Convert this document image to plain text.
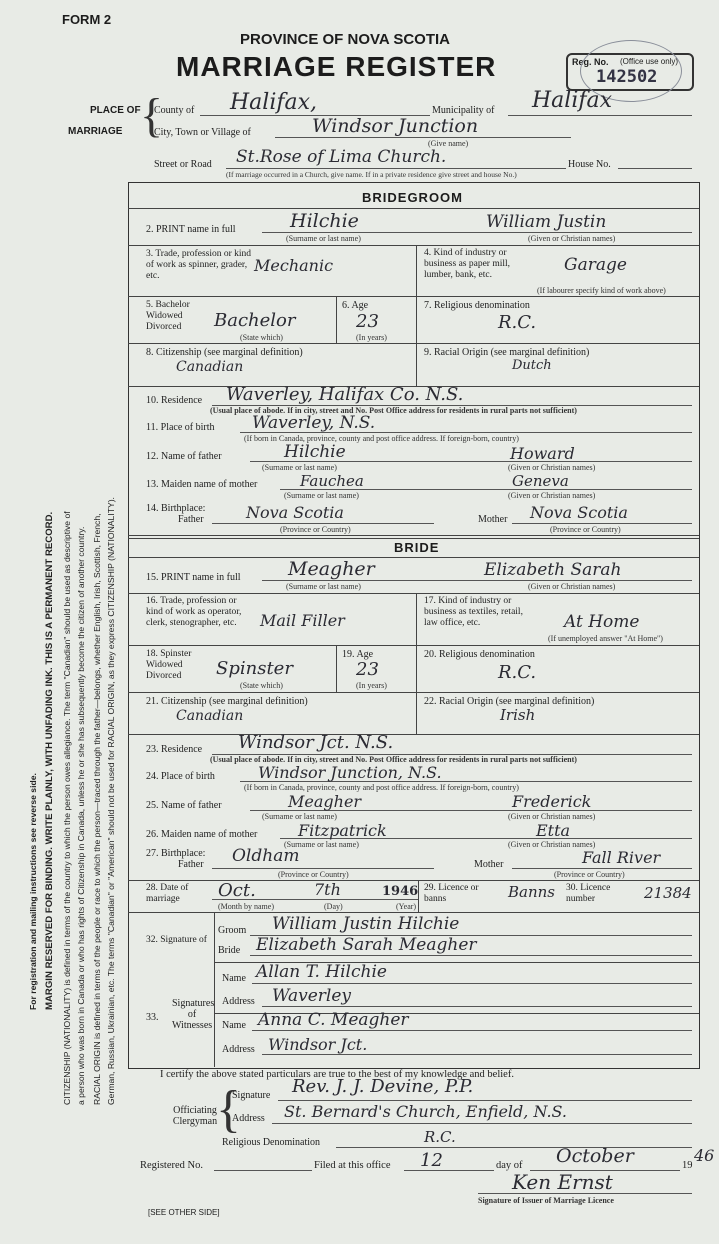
FORM 2
PROVINCE OF NOVA SCOTIA
MARRIAGE REGISTER	Reg. No. (Office use only)
142502
PLACE OF
MARRIAGE {
County of Halifax,	Municipality of Halifax
City, Town or Village of	Windsor Junction
(Give name)
Street or Road St.Rose of Lima Church.	House No.
(If marriage occurred in a Church, give name. If in a private residence give street and house No.)
For registration and mailing instructions see reverse side. MARGIN RESERVED FOR BINDING. WRITE PLAINLY, WITH UNFADING INK. THIS IS A PERMANENT RECORD. CITIZENSHIP (NATIONALITY) is defined in terms of the country to which the person owes allegiance. The term "Canadian" should be used as descriptive of a person who was born in Canada or who has rights of Citizenship in Canada, unless he or she has subsequently become the citizen of another country. RACIAL ORIGIN is defined in terms of the people or race to which the person—traced through the father—belongs, whether English, Irish, Scottish, French, German, Russian, Ukrainian, etc. The terms "Canadian" or "American" should not be used for RACIAL ORIGIN, as they express CITIZENSHIP (NATIONALITY).
BRIDEGROOM
2. PRINT name in full	Hilchie	William Justin
(Surname or last name)	(Given or Christian names)
3. Trade, profession or kind of work as spinner, grader, etc.
Mechanic
4. Kind of industry or business as paper mill, lumber, bank, etc.	Garage
(If labourer specify kind of work above)
5. Bachelor Widowed Divorced	Bachelor
(State which)
6. Age
23
(In years)
7. Religious denomination
R.C.
8. Citizenship (see marginal definition)
Canadian
9. Racial Origin (see marginal definition)
Dutch
10. Residence Waverley, Halifax Co. N.S.
(Usual place of abode. If in city, street and No. Post Office address for residents in rural parts not sufficient)
11. Place of birth Waverley, N.S.
(If born in Canada, province, county and post office address. If foreign-born, country)
12. Name of father	Hilchie	Howard
(Surname or last name)	(Given or Christian names)
13. Maiden name of mother	Fauchea	Geneva
(Surname or last name)	(Given or Christian names)
14. Birthplace:
Father	Nova Scotia	Mother Nova Scotia
(Province or Country)	(Province or Country)
BRIDE
15. PRINT name in full Meagher	Elizabeth Sarah
(Surname or last name)	(Given or Christian names)
16. Trade, profession or kind of work as operator, clerk, stenographer, etc.	Mail Filler
17. Kind of industry or business as textiles, retail, law office, etc.	At Home
(If unemployed answer "At Home")
18. Spinster Widowed Divorced	Spinster
(State which)
19. Age
23
(In years)
20. Religious denomination
R.C.
21. Citizenship (see marginal definition)
Canadian
22. Racial Origin (see marginal definition)
Irish
23. Residence Windsor Jct. N.S.
(Usual place of abode. If in city, street and No. Post Office address for residents in rural parts not sufficient)
24. Place of birth	Windsor Junction, N.S.
(If born in Canada, province, county and post office address. If foreign-born, country)
25. Name of father	Meagher	Frederick
(Surname or last name)	(Given or Christian names)
26. Maiden name of mother	Fitzpatrick	Etta
(Surname or last name)	(Given or Christian names)
27. Birthplace:
Father Oldham	Mother	Fall River
(Province or Country)	(Province or Country)
28. Date of marriage	Oct.	7th	1946
(Month by name)	(Day)	(Year)
29. Licence or banns	Banns 30. Licence number	21384
32. Signature of
Groom William Justin Hilchie
Bride Elizabeth Sarah Meagher
33.
Signatures of Witnesses
Name Allan T. Hilchie
Address Waverley
Name Anna C. Meagher
Address Windsor Jct.
I certify the above stated particulars are true to the best of my knowledge and belief.
Officiating Clergyman
{
Signature Rev. J. J. Devine, P.P.
Address St. Bernard's Church, Enfield, N.S.
Religious Denomination	R.C.
Registered No.	Filed at this office 12	day of October	19
46
Ken Ernst
Signature of Issuer of Marriage Licence
[SEE OTHER SIDE]
